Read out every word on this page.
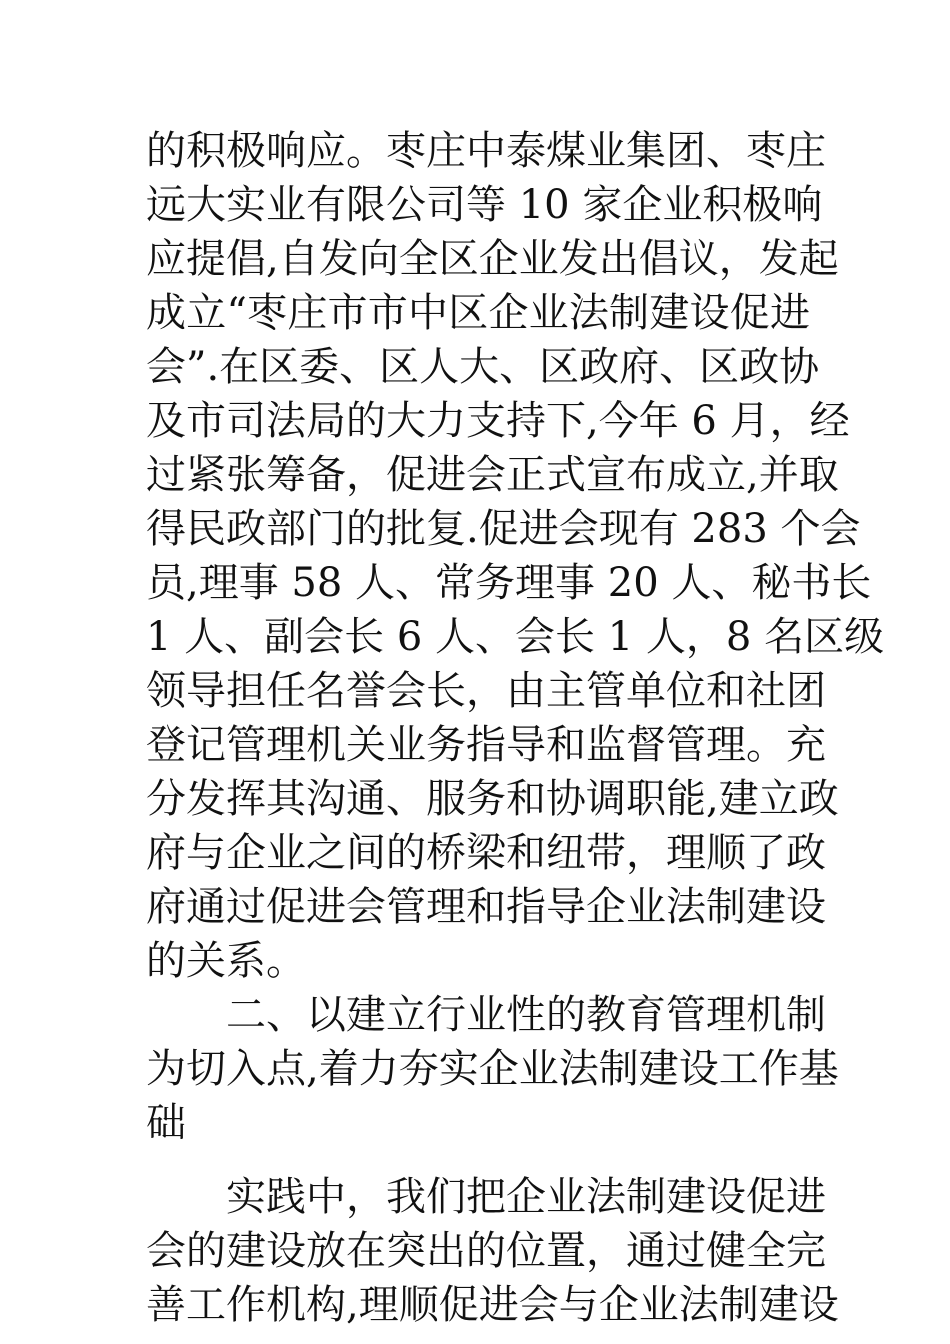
的积极响应。枣庄中泰煤业集团、枣庄
远大实业有限公司等 10 家企业积极响
应提倡,自发向全区企业发出倡议，发起
成立“枣庄市市中区企业法制建设促进
会”.在区委、区人大、区政府、区政协
及市司法局的大力支持下,今年 6 月，经
过紧张筹备，促进会正式宣布成立,并取
得民政部门的批复.促进会现有 283 个会
员,理事 58 人、常务理事 20 人、秘书长
1 人、副会长 6 人、会长 1 人，8 名区级
领导担任名誉会长，由主管单位和社团
登记管理机关业务指导和监督管理。充
分发挥其沟通、服务和协调职能,建立政
府与企业之间的桥梁和纽带，理顺了政
府通过促进会管理和指导企业法制建设
的关系。
二、以建立行业性的教育管理机制
为切入点,着力夯实企业法制建设工作基
础
实践中，我们把企业法制建设促进
会的建设放在突出的位置，通过健全完
善工作机构,理顺促进会与企业法制建设
